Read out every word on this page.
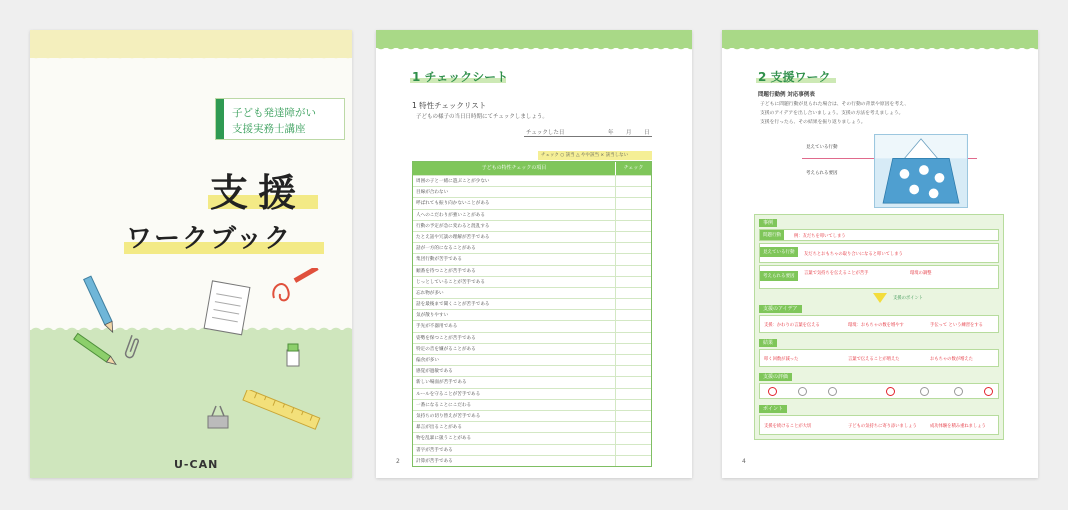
子ども発達障がい
支援実務士講座
支援
ワークブック
U-CAN
1 チェックシート
1 特性チェックリスト
子どもの様子の当日日時期にてチェックしましょう。
チェックした日	年 月 日
チェック ○ 該当 △ やや該当 × 該当しない
子どもの特性チェックの項目	チェック
周囲の子と一緒に遊ぶことが少ない
目線が合わない
呼ばれても振り向かないことがある
人へのこだわりが強いことがある
行動の予定が急に変わると混乱する
たとえ話や冗談の理解が苦手である
話が一方的になることがある
集団行動が苦手である
順番を待つことが苦手である
じっとしていることが苦手である
忘れ物が多い
話を最後まで聞くことが苦手である
気が散りやすい
手先が不器用である
姿勢を保つことが苦手である
特定の音を嫌がることがある
偏食が多い
感覚が過敏である
新しい場面が苦手である
ルールを守ることが苦手である
一番になることにこだわる
気持ちの切り替えが苦手である
暴言が出ることがある
物を乱暴に扱うことがある
書字が苦手である
計算が苦手である
2
2 支援ワーク
問題行動例 対応事例表
子どもに問題行動が見られた場合は、その行動の背景や原因を考え、
支援のアイデアを出し合いましょう。支援の方法を考えましょう。
支援を行ったら、その結果を振り返りましょう。
見えている行動
考えられる要因
事例
問題行動	例：友だちを叩いてしまう
見えている行動	友だちとおもちゃの取り合いになると叩いてしまう
考えられる要因
言葉で気持ちを伝えることが苦手	環境の調整
支援のポイント
支援のアイデア
支援：かわりの言葉を伝える	環境：おもちゃの数を増やす	手伝って という練習をする
結果
叩く回数が減った	言葉で伝えることが増えた	おもちゃの数が増えた
支援の評価
ポイント
支援を続けることが大切	子どもの気持ちに寄り添いましょう	成功体験を積み重ねましょう
4
